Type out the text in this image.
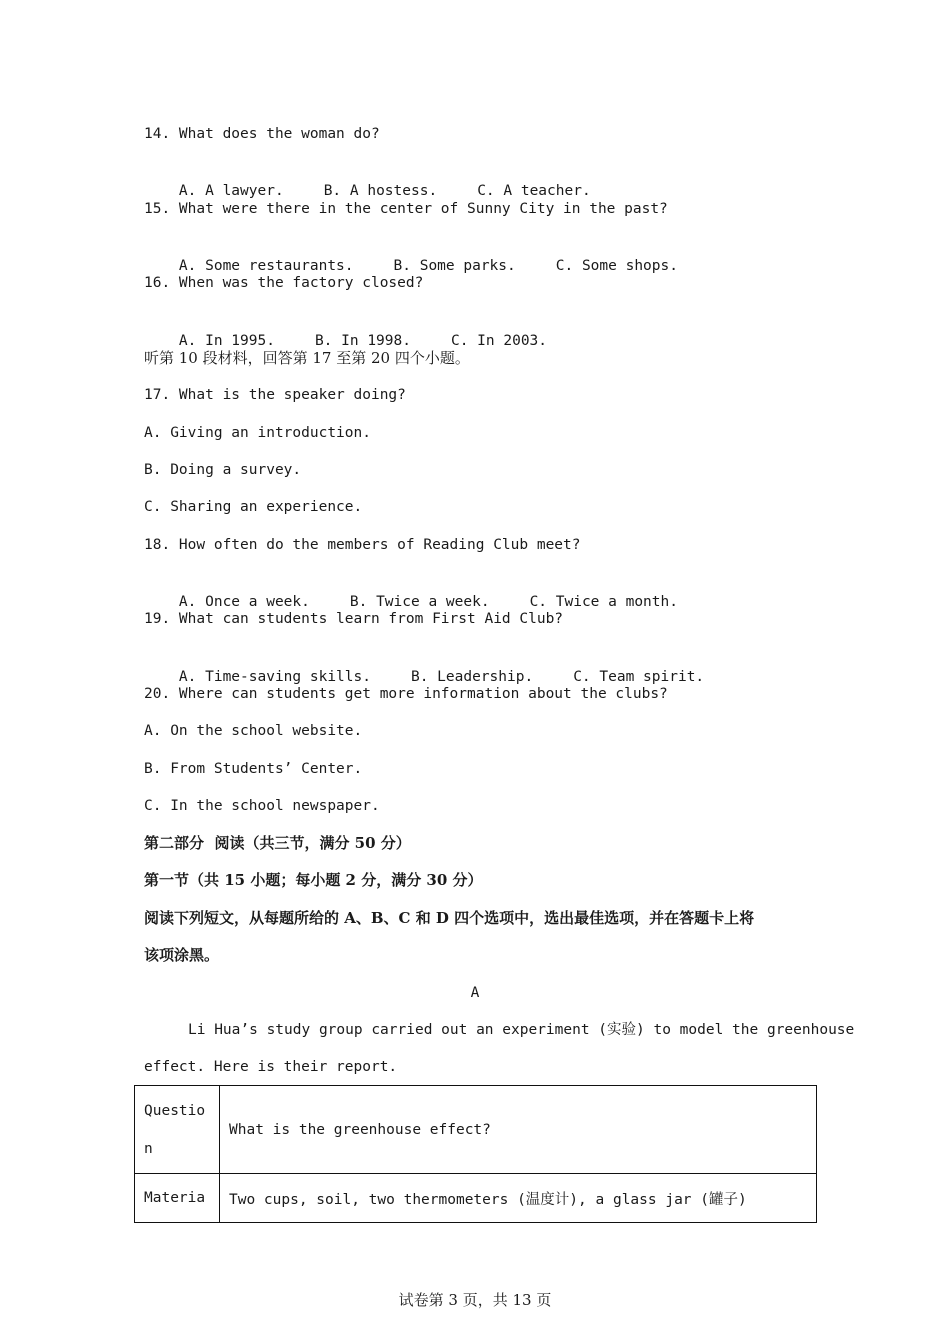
14. What does the woman do?

A. A lawyer.	B. A hostess.	C. A teacher.

15. What were there in the center of Sunny City in the past?

A. Some restaurants.	B. Some parks.	C. Some shops.

16. When was the factory closed?

A. In 1995.	B. In 1998.	C. In 2003.

听第 10 段材料，回答第 17 至第 20 四个小题。
17. What is the speaker doing?
A. Giving an introduction.
B. Doing a survey.
C. Sharing an experience.
18. How often do the members of Reading Club meet?

A. Once a week.	B. Twice a week.	C. Twice a month.

19. What can students learn from First Aid Club?

A. Time-saving skills.	B. Leadership.	C. Team spirit.

20. Where can students get more information about the clubs?
A. On the school website.
B. From Students’ Center.
C. In the school newspaper.
第二部分  阅读（共三节，满分 50 分）
第一节（共 15 小题；每小题 2 分，满分 30 分）
阅读下列短文，从每题所给的 A、B、C 和 D 四个选项中，选出最佳选项，并在答题卡上将
该项涂黑。
A
Li Hua’s study group carried out an experiment (实验) to model the greenhouse
effect. Here is their report.
Question	What is the greenhouse effect?
Materia	Two cups, soil, two thermometers (温度计), a glass jar (罐子)
试卷第 3 页，共 13 页
